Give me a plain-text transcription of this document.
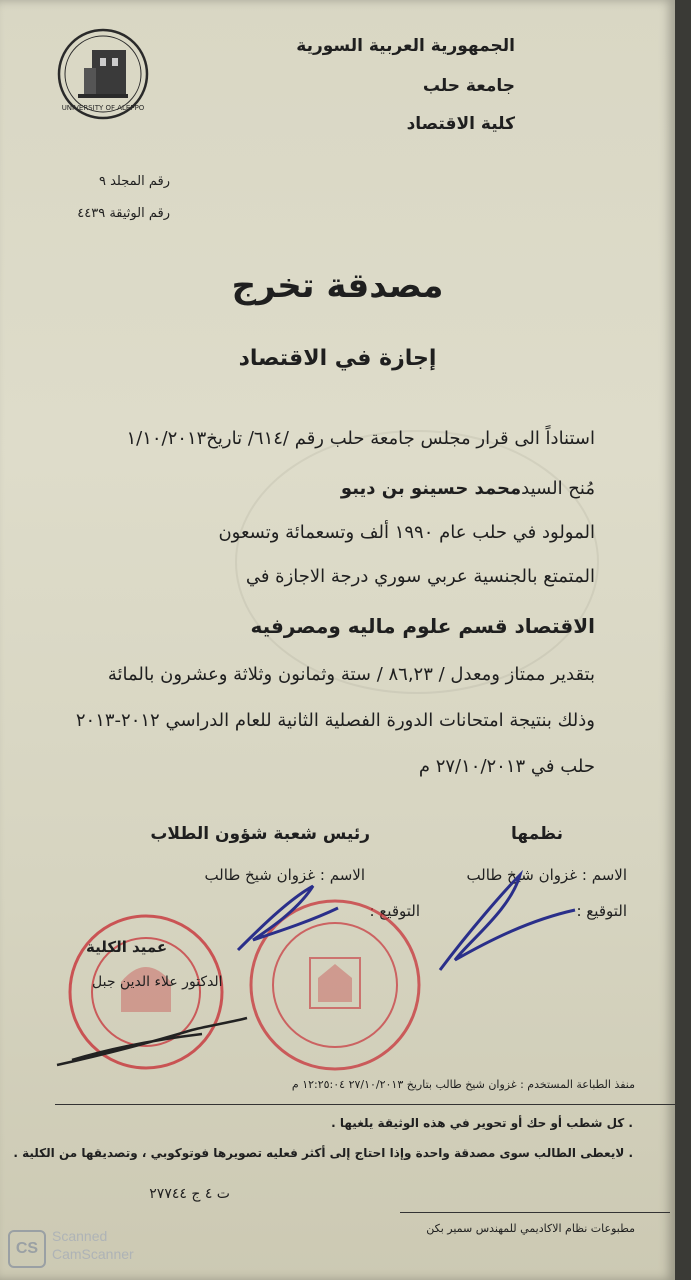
UNIVERSITY OF ALEPPO
الجمهورية العربية السورية
جامعة حلب
كلية الاقتصاد
رقم المجلد ٩
رقم الوثيقة ٤٤٣٩
مصدقة تخرج
إجازة في الاقتصاد
استناداً الى قرار مجلس جامعة حلب رقم /٦١٤/ تاريخ١/١٠/٢٠١٣
مُنح السيدمحمد حسينو بن ديبو
المولود في حلب عام ١٩٩٠ ألف وتسعمائة وتسعون
المتمتع بالجنسية عربي سوري درجة الاجازة في
الاقتصاد قسم علوم ماليه ومصرفيه
بتقدير ممتاز ومعدل / ٨٦,٢٣ / ستة وثمانون وثلاثة وعشرون بالمائة
وذلك بنتيجة امتحانات الدورة الفصلية الثانية للعام الدراسي ٢٠١٢-٢٠١٣
حلب في ٢٧/١٠/٢٠١٣ م
نظمها
رئيس شعبة شؤون الطلاب
الاسم : غزوان شيخ طالب
الاسم : غزوان شيخ طالب
التوقيع :
التوقيع :
عميد الكلية
الدكتور علاء الدين جبل
منفذ الطباعة المستخدم : غزوان شيخ طالب بتاريخ ٢٧/١٠/٢٠١٣ ١٢:٢٥:٠٤ م
. كل شطب أو حك أو تحوير في هذه الوثيقة يلغيها .
. لايعطى الطالب سوى مصدقة واحدة وإذا احتاج إلى أكثر فعليه تصويرها فوتوكوبي ، وتصديقها من الكلية .
ت ٤ ج ٢٧٧٤٤
مطبوعات نظام الاكاديمي للمهندس سمير بكن
CS
Scanned
CamScanner
